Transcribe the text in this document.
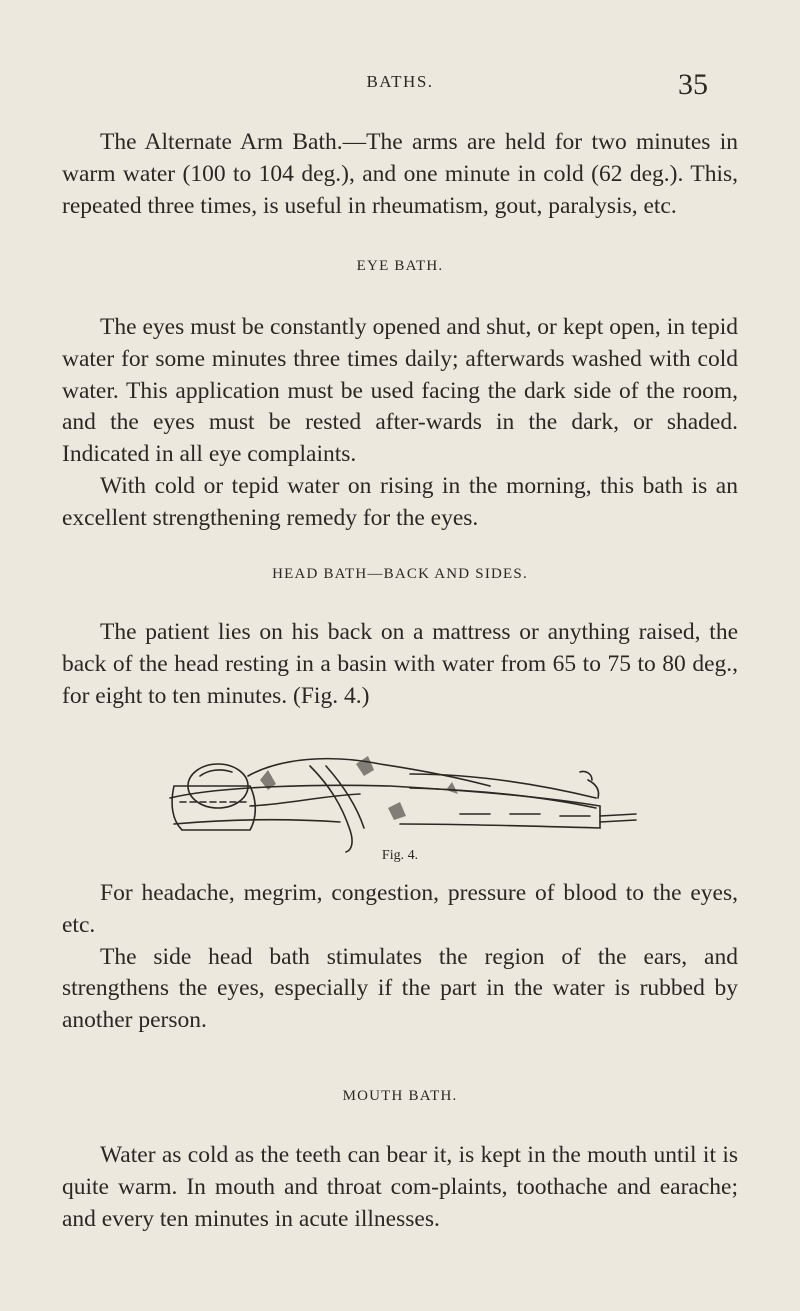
BATHS.	35

The Alternate Arm Bath.—The arms are held for two minutes in warm water (100 to 104 deg.), and one minute in cold (62 deg.). This, repeated three times, is useful in rheumatism, gout, paralysis, etc.

EYE BATH.

The eyes must be constantly opened and shut, or kept open, in tepid water for some minutes three times daily; afterwards washed with cold water. This application must be used facing the dark side of the room, and the eyes must be rested after-wards in the dark, or shaded. Indicated in all eye complaints.

With cold or tepid water on rising in the morning, this bath is an excellent strengthening remedy for the eyes.

HEAD BATH—BACK AND SIDES.

The patient lies on his back on a mattress or anything raised, the back of the head resting in a basin with water from 65 to 75 to 80 deg., for eight to ten minutes. (Fig. 4.)

Fig. 4.

For headache, megrim, congestion, pressure of blood to the eyes, etc.

The side head bath stimulates the region of the ears, and strengthens the eyes, especially if the part in the water is rubbed by another person.

MOUTH BATH.

Water as cold as the teeth can bear it, is kept in the mouth until it is quite warm. In mouth and throat com-plaints, toothache and earache; and every ten minutes in acute illnesses.
